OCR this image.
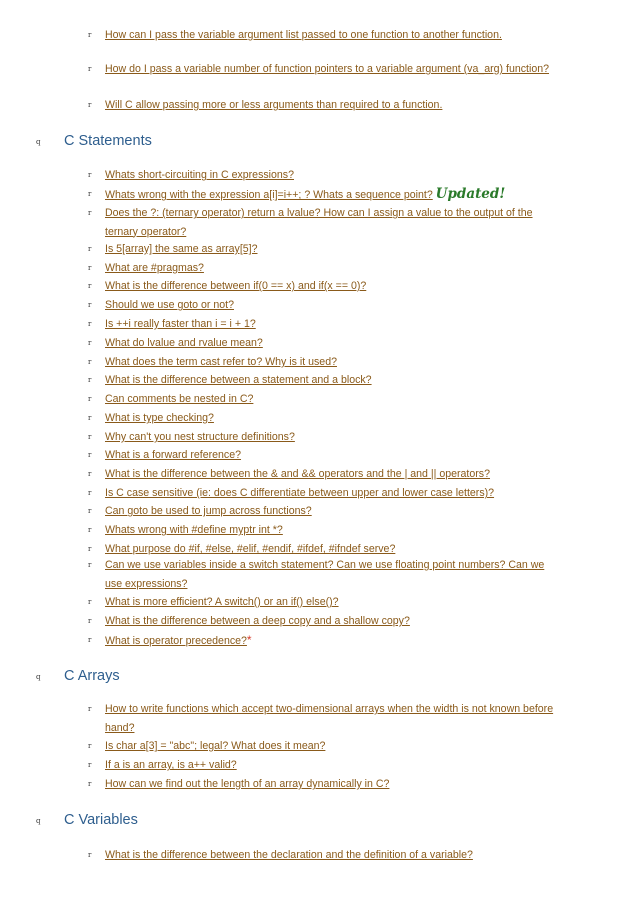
r How can I pass the variable argument list passed to one function to another function.
r How do I pass a variable number of function pointers to a variable argument (va_arg) function?
r Will C allow passing more or less arguments than required to a function.
q C Statements
r Whats short-circuiting in C expressions?
r Whats wrong with the expression a[i]=i++; ? Whats a sequence point? Updated!
r Does the ?: (ternary operator) return a lvalue? How can I assign a value to the output of the ternary operator?
r Is 5[array] the same as array[5]?
r What are #pragmas?
r What is the difference between if(0 == x) and if(x == 0)?
r Should we use goto or not?
r Is ++i really faster than i = i + 1?
r What do lvalue and rvalue mean?
r What does the term cast refer to? Why is it used?
r What is the difference between a statement and a block?
r Can comments be nested in C?
r What is type checking?
r Why can't you nest structure definitions?
r What is a forward reference?
r What is the difference between the & and && operators and the | and || operators?
r Is C case sensitive (ie: does C differentiate between upper and lower case letters)?
r Can goto be used to jump across functions?
r Whats wrong with #define myptr int *?
r What purpose do #if, #else, #elif, #endif, #ifdef, #ifndef serve?
r Can we use variables inside a switch statement? Can we use floating point numbers? Can we use expressions?
r What is more efficient? A switch() or an if() else()?
r What is the difference between a deep copy and a shallow copy?
r What is operator precedence?*
q C Arrays
r How to write functions which accept two-dimensional arrays when the width is not known before hand?
r Is char a[3] = "abc"; legal? What does it mean?
r If a is an array, is a++ valid?
r How can we find out the length of an array dynamically in C?
q C Variables
r What is the difference between the declaration and the definition of a variable?
